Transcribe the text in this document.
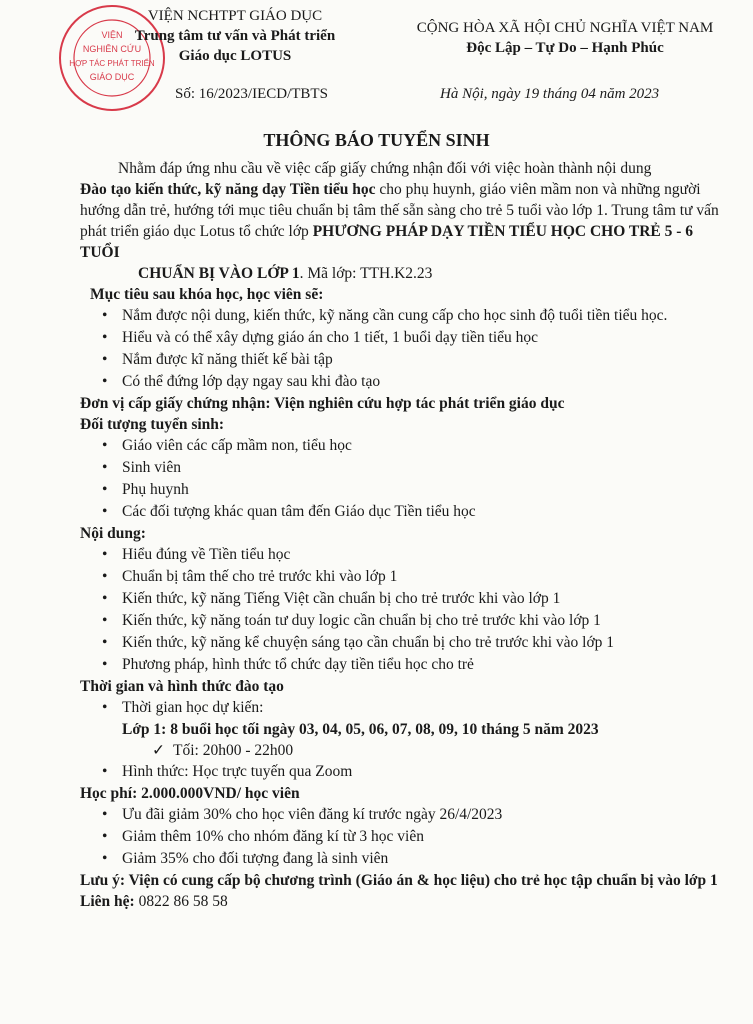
VIỆN
NGHIÊN CỨU
HỢP TÁC PHÁT TRIỂN
GIÁO DỤC
VIỆN NCHTPT GIÁO DỤC
Trung tâm tư vấn và Phát triển
Giáo dục LOTUS
CỘNG HÒA XÃ HỘI CHỦ NGHĨA VIỆT NAM
Độc Lập – Tự Do – Hạnh Phúc
Số: 16/2023/IECD/TBTS	Hà Nội, ngày 19 tháng 04 năm 2023
THÔNG BÁO TUYỂN SINH

Nhằm đáp ứng nhu cầu về việc cấp giấy chứng nhận đối với việc hoàn thành nội dung

Đào tạo kiến thức, kỹ năng dạy Tiền tiểu học cho phụ huynh, giáo viên mầm non và những người hướng dẫn trẻ, hướng tới mục tiêu chuẩn bị tâm thế sẵn sàng cho trẻ 5 tuổi vào lớp 1. Trung tâm tư vấn phát triển giáo dục Lotus tổ chức lớp PHƯƠNG PHÁP DẠY TIỀN TIỂU HỌC CHO TRẺ 5 - 6 TUỔI

CHUẨN BỊ VÀO LỚP 1. Mã lớp: TTH.K2.23

Mục tiêu sau khóa học, học viên sẽ:

• Nắm được nội dung, kiến thức, kỹ năng cần cung cấp cho học sinh độ tuổi tiền tiểu học.
• Hiểu và có thể xây dựng giáo án cho 1 tiết, 1 buổi dạy tiền tiểu học
• Nắm được kĩ năng thiết kế bài tập
• Có thể đứng lớp dạy ngay sau khi đào tạo

Đơn vị cấp giấy chứng nhận: Viện nghiên cứu hợp tác phát triển giáo dục

Đối tượng tuyển sinh:

• Giáo viên các cấp mầm non, tiểu học
• Sinh viên
• Phụ huynh
• Các đối tượng khác quan tâm đến Giáo dục Tiền tiểu học

Nội dung:

• Hiểu đúng về Tiền tiểu học
• Chuẩn bị tâm thế cho trẻ trước khi vào lớp 1
• Kiến thức, kỹ năng Tiếng Việt cần chuẩn bị cho trẻ trước khi vào lớp 1
• Kiến thức, kỹ năng toán tư duy logic cần chuẩn bị cho trẻ trước khi vào lớp 1
• Kiến thức, kỹ năng kể chuyện sáng tạo cần chuẩn bị cho trẻ trước khi vào lớp 1
• Phương pháp, hình thức tổ chức dạy tiền tiểu học cho trẻ

Thời gian và hình thức đào tạo

• Thời gian học dự kiến:

Lớp 1: 8 buổi học tối ngày 03, 04, 05, 06, 07, 08, 09, 10 tháng 5 năm 2023

✓ Tối: 20h00 - 22h00

• Hình thức: Học trực tuyến qua Zoom

Học phí: 2.000.000VND/ học viên

• Ưu đãi giảm 30% cho học viên đăng kí trước ngày 26/4/2023
• Giảm thêm 10% cho nhóm đăng kí từ 3 học viên
• Giảm 35% cho đối tượng đang là sinh viên

Lưu ý: Viện có cung cấp bộ chương trình (Giáo án & học liệu) cho trẻ học tập chuẩn bị vào lớp 1

Liên hệ: 0822 86 58 58
